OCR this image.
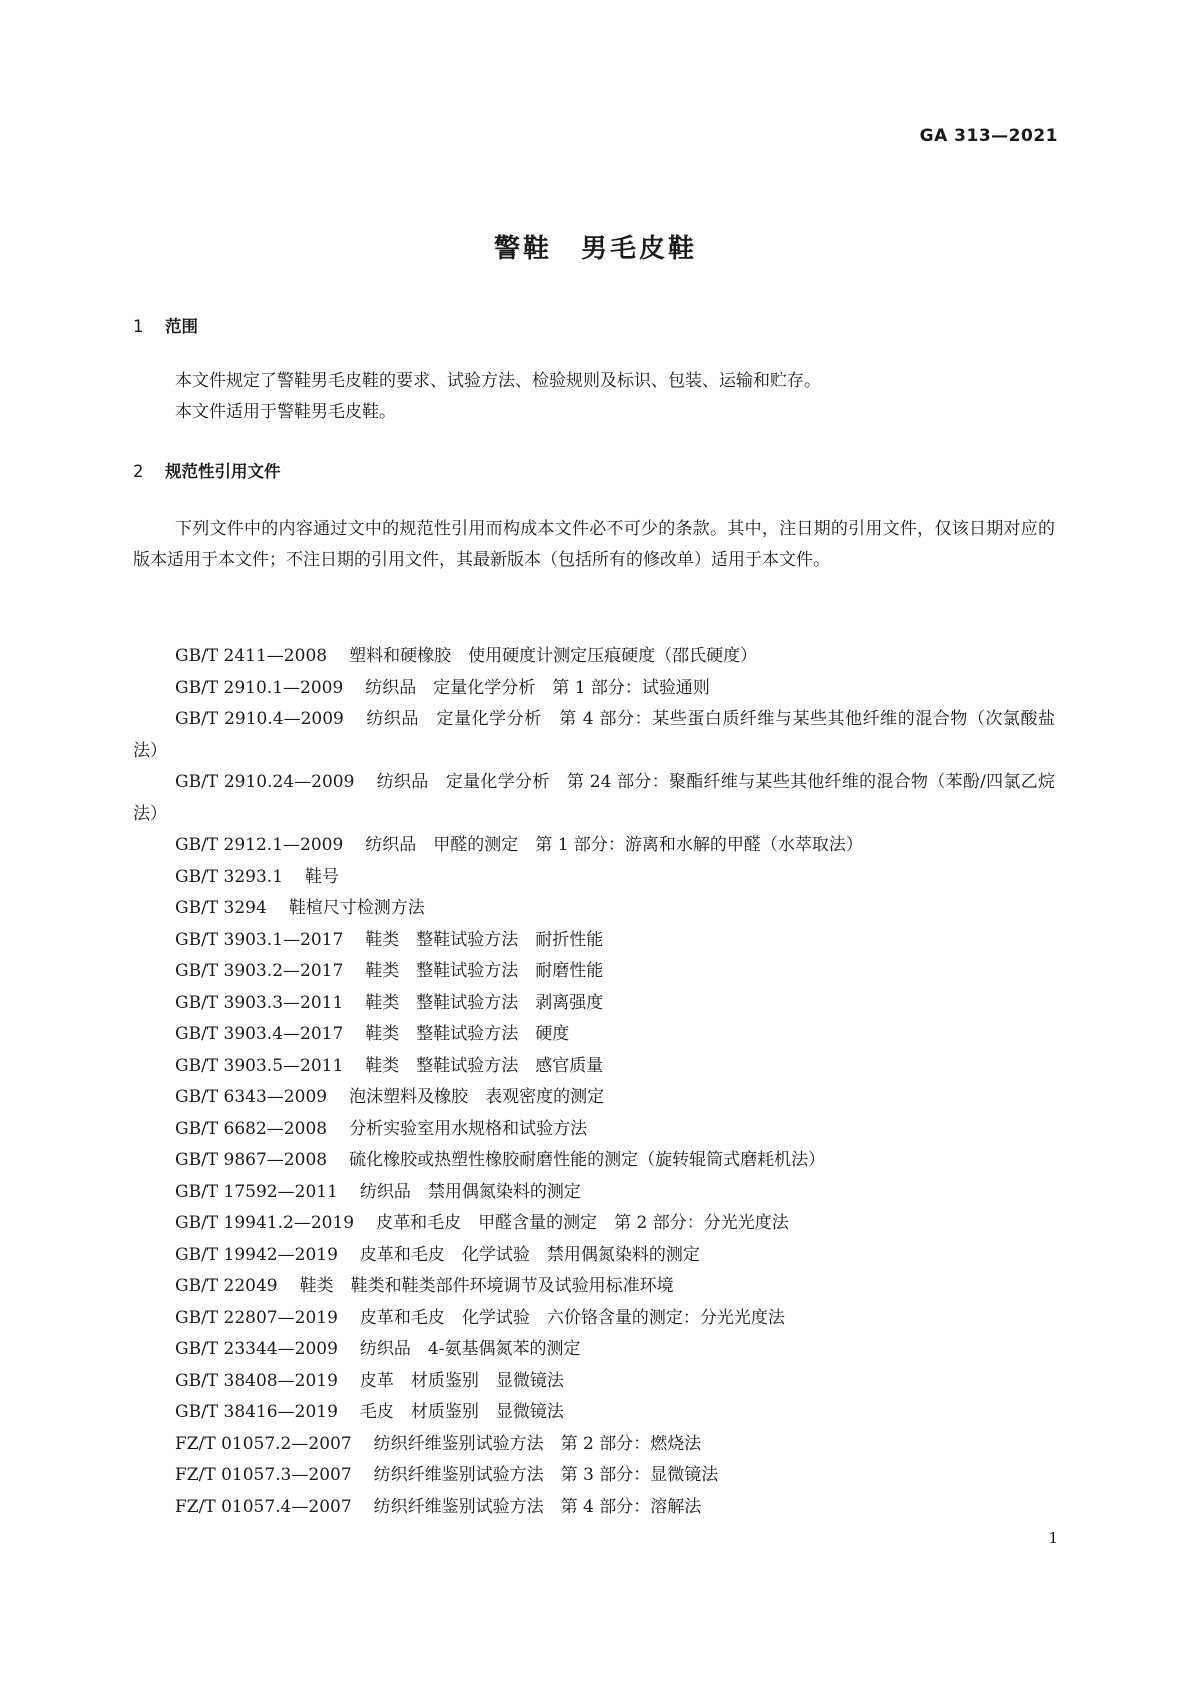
GA 313—2021
警鞋　男毛皮鞋
1 范围
本文件规定了警鞋男毛皮鞋的要求、试验方法、检验规则及标识、包装、运输和贮存。
本文件适用于警鞋男毛皮鞋。
2 规范性引用文件
下列文件中的内容通过文中的规范性引用而构成本文件必不可少的条款。其中，注日期的引用文件，仅该日期对应的版本适用于本文件；不注日期的引用文件，其最新版本（包括所有的修改单）适用于本文件。
GB/T 2411—2008 塑料和硬橡胶　使用硬度计测定压痕硬度（邵氏硬度）
GB/T 2910.1—2009 纺织品　定量化学分析　第 1 部分：试验通则
GB/T 2910.4—2009 纺织品　定量化学分析　第 4 部分：某些蛋白质纤维与某些其他纤维的混合物（次氯酸盐法）
GB/T 2910.24—2009 纺织品　定量化学分析　第 24 部分：聚酯纤维与某些其他纤维的混合物（苯酚/四氯乙烷法）
GB/T 2912.1—2009 纺织品　甲醛的测定　第 1 部分：游离和水解的甲醛（水萃取法）
GB/T 3293.1 鞋号
GB/T 3294 鞋楦尺寸检测方法
GB/T 3903.1—2017 鞋类　整鞋试验方法　耐折性能
GB/T 3903.2—2017 鞋类　整鞋试验方法　耐磨性能
GB/T 3903.3—2011 鞋类　整鞋试验方法　剥离强度
GB/T 3903.4—2017 鞋类　整鞋试验方法　硬度
GB/T 3903.5—2011 鞋类　整鞋试验方法　感官质量
GB/T 6343—2009 泡沫塑料及橡胶　表观密度的测定
GB/T 6682—2008 分析实验室用水规格和试验方法
GB/T 9867—2008 硫化橡胶或热塑性橡胶耐磨性能的测定（旋转辊筒式磨耗机法）
GB/T 17592—2011 纺织品　禁用偶氮染料的测定
GB/T 19941.2—2019 皮革和毛皮　甲醛含量的测定　第 2 部分：分光光度法
GB/T 19942—2019 皮革和毛皮　化学试验　禁用偶氮染料的测定
GB/T 22049 鞋类　鞋类和鞋类部件环境调节及试验用标准环境
GB/T 22807—2019 皮革和毛皮　化学试验　六价铬含量的测定：分光光度法
GB/T 23344—2009 纺织品　4-氨基偶氮苯的测定
GB/T 38408—2019 皮革　材质鉴别　显微镜法
GB/T 38416—2019 毛皮　材质鉴别　显微镜法
FZ/T 01057.2—2007 纺织纤维鉴别试验方法　第 2 部分：燃烧法
FZ/T 01057.3—2007 纺织纤维鉴别试验方法　第 3 部分：显微镜法
FZ/T 01057.4—2007 纺织纤维鉴别试验方法　第 4 部分：溶解法
1
